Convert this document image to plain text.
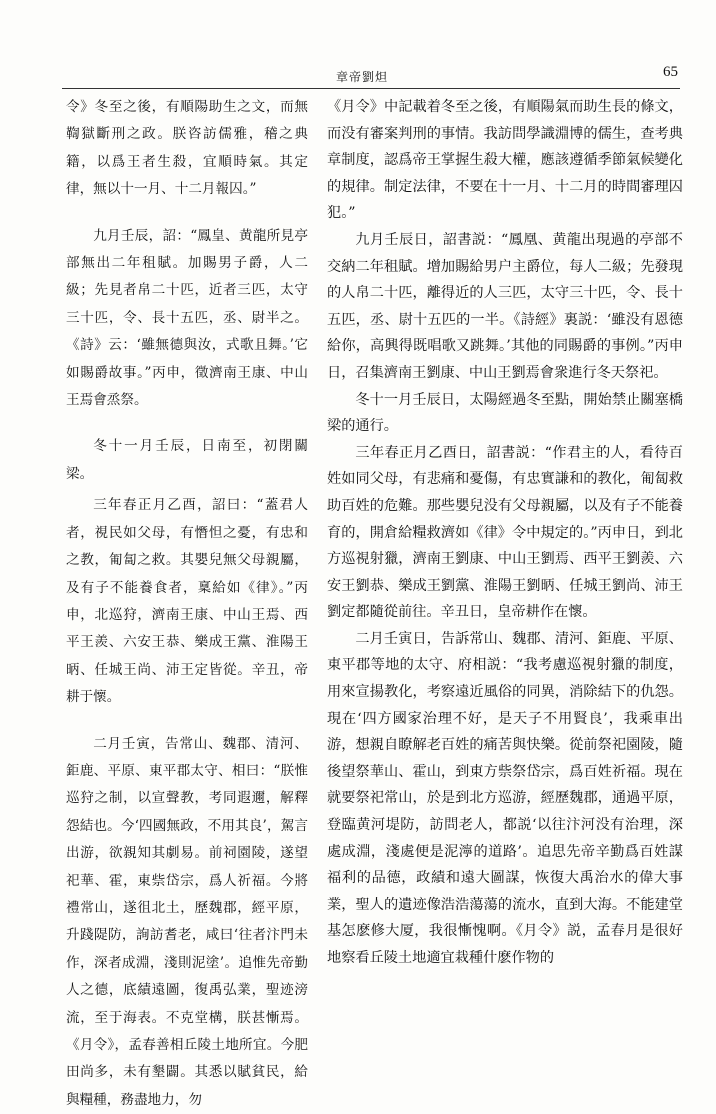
章帝劉炟	65

令》冬至之後，有順陽助生之文，而無鞫獄斷刑之政。朕咨訪儒雅，稽之典籍，以爲王者生殺，宜順時氣。其定律，無以十一月、十二月報囚。”

九月壬辰，詔：“鳳皇、黄龍所見亭部無出二年租賦。加賜男子爵，人二級；先見者帛二十匹，近者三匹，太守三十匹，令、長十五匹，丞、尉半之。《詩》云：‘雖無德與汝，式歌且舞。’它如賜爵故事。”丙申，徵濟南王康、中山王焉會烝祭。

冬十一月壬辰，日南至，初閉關梁。

三年春正月乙酉，詔曰：“蓋君人者，視民如父母，有憯怛之憂，有忠和之教，匍匐之救。其嬰兒無父母親屬，及有子不能養食者，稟給如《律》。”丙申，北巡狩，濟南王康、中山王焉、西平王羨、六安王恭、樂成王黨、淮陽王昞、任城王尚、沛王定皆從。辛丑，帝耕于懷。

二月壬寅，告常山、魏郡、清河、鉅鹿、平原、東平郡太守、相曰：“朕惟巡狩之制，以宣聲教，考同遐邇，解釋怨結也。今‘四國無政，不用其良’，駕言出游，欲親知其劇易。前祠園陵，遂望祀華、霍，東祡岱宗，爲人祈福。今將禮常山，遂徂北土，歷魏郡，經平原，升踐隄防，詢訪耆老，咸曰‘往者汴門未作，深者成淵，淺則泥塗’。追惟先帝勤人之德，底績遠圖，復禹弘業，聖迹滂流，至于海表。不克堂構，朕甚慚焉。《月令》，孟春善相丘陵土地所宜。今肥田尚多，未有墾闢。其悉以賦貧民，給與糧種，務盡地力，勿

《月令》中記載着冬至之後，有順陽氣而助生長的條文，而没有審案判刑的事情。我訪問學識淵博的儒生，查考典章制度，認爲帝王掌握生殺大權，應該遵循季節氣候變化的規律。制定法律，不要在十一月、十二月的時間審理囚犯。”

九月壬辰日，詔書説：“鳳凰、黄龍出現過的亭部不交納二年租賦。增加賜給男户主爵位，每人二級；先發現的人帛二十匹，離得近的人三匹，太守三十匹，令、長十五匹，丞、尉十五匹的一半。《詩經》裏説：‘雖没有恩德給你，高興得既唱歌又跳舞。’其他的同賜爵的事例。”丙申日，召集濟南王劉康、中山王劉焉會衆進行冬天祭祀。

冬十一月壬辰日，太陽經過冬至點，開始禁止關塞橋梁的通行。

三年春正月乙酉日，詔書説：“作君主的人，看待百姓如同父母，有悲痛和憂傷，有忠實謙和的教化，匍匐救助百姓的危難。那些嬰兒没有父母親屬，以及有子不能養育的，開倉給糧救濟如《律》令中規定的。”丙申日，到北方巡視射獵，濟南王劉康、中山王劉焉、西平王劉羨、六安王劉恭、樂成王劉黨、淮陽王劉昞、任城王劉尚、沛王劉定都隨從前往。辛丑日，皇帝耕作在懷。

二月壬寅日，告訴常山、魏郡、清河、鉅鹿、平原、東平郡等地的太守、府相説：“我考慮巡視射獵的制度，用來宣揚教化，考察遠近風俗的同異，消除結下的仇怨。現在‘四方國家治理不好，是天子不用賢良’，我乘車出游，想親自瞭解老百姓的痛苦與快樂。從前祭祀園陵，隨後望祭華山、霍山，到東方祡祭岱宗，爲百姓祈福。現在就要祭祀常山，於是到北方巡游，經歷魏郡，通過平原，登臨黄河堤防，訪問老人，都説‘以往汴河没有治理，深處成淵，淺處便是泥濘的道路’。追思先帝辛勤爲百姓謀福利的品德，政績和遠大圖謀，恢復大禹治水的偉大事業，聖人的遺迹像浩浩蕩蕩的流水，直到大海。不能建堂基怎麽修大厦，我很慚愧啊。《月令》説，孟春月是很好地察看丘陵土地適宜栽種什麽作物的
